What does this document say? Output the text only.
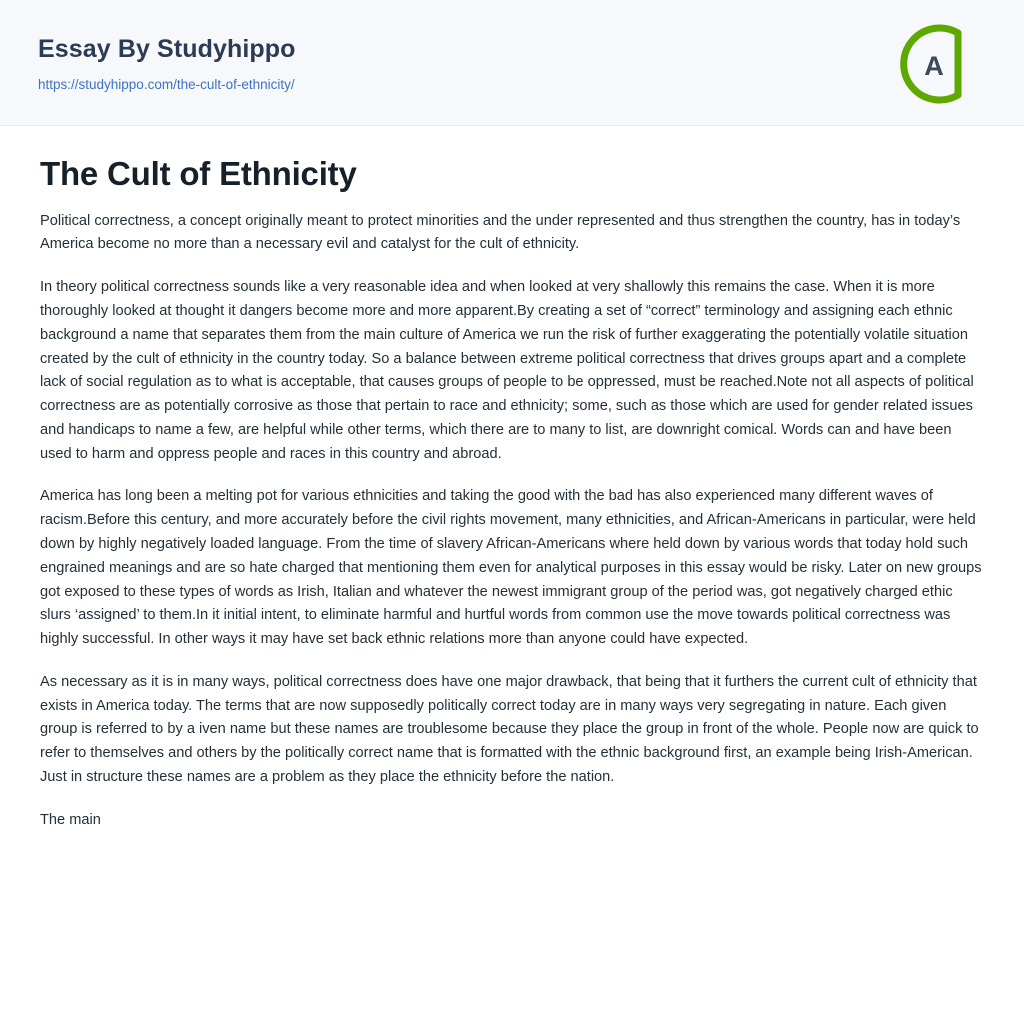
Essay By Studyhippo
https://studyhippo.com/the-cult-of-ethnicity/
A
The Cult of Ethnicity

Political correctness, a concept originally meant to protect minorities and the under represented and thus strengthen the country, has in today’s America become no more than a necessary evil and catalyst for the cult of ethnicity.

In theory political correctness sounds like a very reasonable idea and when looked at very shallowly this remains the case. When it is more thoroughly looked at thought it dangers become more and more apparent.By creating a set of “correct” terminology and assigning each ethnic background a name that separates them from the main culture of America we run the risk of further exaggerating the potentially volatile situation created by the cult of ethnicity in the country today. So a balance between extreme political correctness that drives groups apart and a complete lack of social regulation as to what is acceptable, that causes groups of people to be oppressed, must be reached.Note not all aspects of political correctness are as potentially corrosive as those that pertain to race and ethnicity; some, such as those which are used for gender related issues and handicaps to name a few, are helpful while other terms, which there are to many to list, are downright comical. Words can and have been used to harm and oppress people and races in this country and abroad.

America has long been a melting pot for various ethnicities and taking the good with the bad has also experienced many different waves of racism.Before this century, and more accurately before the civil rights movement, many ethnicities, and African-Americans in particular, were held down by highly negatively loaded language. From the time of slavery African-Americans where held down by various words that today hold such engrained meanings and are so hate charged that mentioning them even for analytical purposes in this essay would be risky. Later on new groups got exposed to these types of words as Irish, Italian and whatever the newest immigrant group of the period was, got negatively charged ethic slurs ‘assigned’ to them.In it initial intent, to eliminate harmful and hurtful words from common use the move towards political correctness was highly successful. In other ways it may have set back ethnic relations more than anyone could have expected.

As necessary as it is in many ways, political correctness does have one major drawback, that being that it furthers the current cult of ethnicity that exists in America today. The terms that are now supposedly politically correct today are in many ways very segregating in nature. Each given group is referred to by a iven name but these names are troublesome because they place the group in front of the whole. People now are quick to refer to themselves and others by the politically correct name that is formatted with the ethnic background first, an example being Irish-American. Just in structure these names are a problem as they place the ethnicity before the nation.

The main
